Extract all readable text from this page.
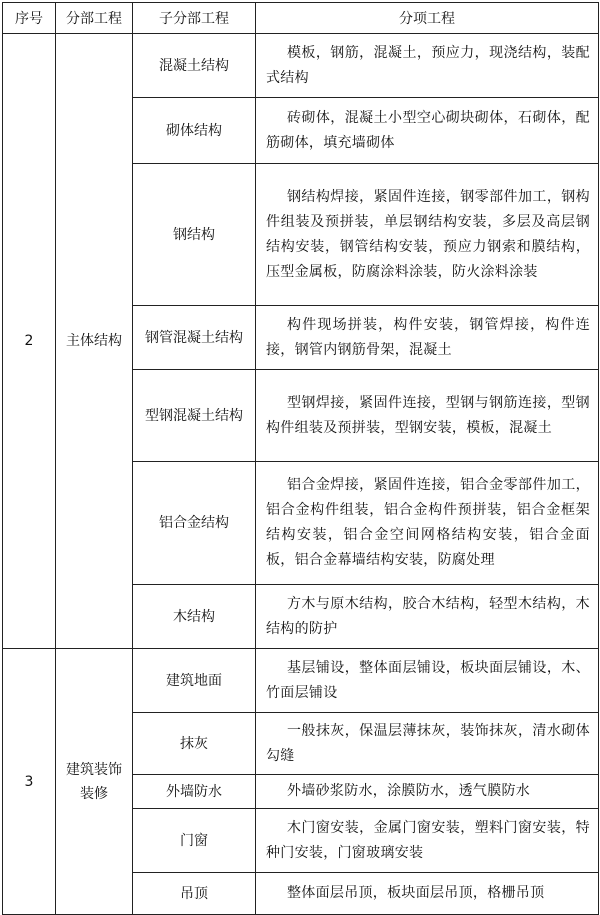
序号	分部工程	子分部工程	分项工程
2	主体结构	混凝土结构	模板，钢筋，混凝土，预应力，现浇结构，装配式结构

		砌体结构	砖砌体，混凝土小型空心砌块砌体，石砌体，配筋砌体，填充墙砌体

		钢结构	钢结构焊接，紧固件连接，钢零部件加工，钢构件组装及预拼装，单层钢结构安装，多层及高层钢结构安装，钢管结构安装，预应力钢索和膜结构，压型金属板，防腐涂料涂装，防火涂料涂装

		钢管混凝土结构	构件现场拼装，构件安装，钢管焊接，构件连接，钢管内钢筋骨架，混凝土

		型钢混凝土结构	型钢焊接，紧固件连接，型钢与钢筋连接，型钢构件组装及预拼装，型钢安装，模板，混凝土

		铝合金结构	铝合金焊接，紧固件连接，铝合金零部件加工，铝合金构件组装，铝合金构件预拼装，铝合金框架结构安装，铝合金空间网格结构安装，铝合金面板，铝合金幕墙结构安装，防腐处理

		木结构	方木与原木结构，胶合木结构，轻型木结构，木结构的防护

3	建筑装饰装修	建筑地面	基层铺设，整体面层铺设，板块面层铺设，木、竹面层铺设

		抹灰	一般抹灰，保温层薄抹灰，装饰抹灰，清水砌体勾缝

		外墙防水	外墙砂浆防水，涂膜防水，透气膜防水

		门窗	木门窗安装，金属门窗安装，塑料门窗安装，特种门安装，门窗玻璃安装

		吊顶	整体面层吊顶，板块面层吊顶，格栅吊顶
